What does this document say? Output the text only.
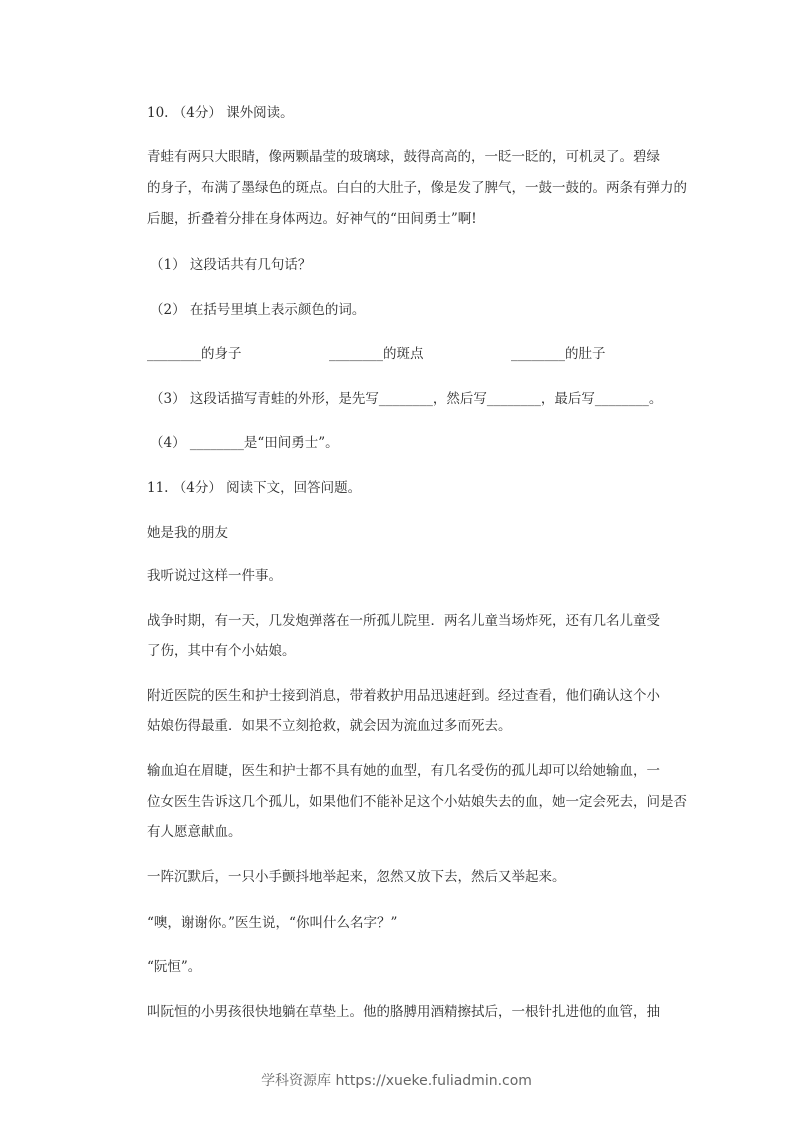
10. （4分） 课外阅读。
青蛙有两只大眼睛，像两颗晶莹的玻璃球，鼓得高高的，一眨一眨的，可机灵了。碧绿
的身子，布满了墨绿色的斑点。白白的大肚子，像是发了脾气，一鼓一鼓的。两条有弹力的
后腿，折叠着分排在身体两边。好神气的“田间勇士”啊!
（1） 这段话共有几句话？
（2） 在括号里填上表示颜色的词。
________的身子	________的斑点	________的肚子
（3） 这段话描写青蛙的外形，是先写________，然后写________，最后写________。
（4） ________是“田间勇士”。
11. （4分） 阅读下文，回答问题。
她是我的朋友
我听说过这样一件事。
战争时期，有一天，几发炮弹落在一所孤儿院里．两名儿童当场炸死，还有几名儿童受
了伤，其中有个小姑娘。
附近医院的医生和护士接到消息，带着救护用品迅速赶到。经过查看，他们确认这个小
姑娘伤得最重．如果不立刻抢救，就会因为流血过多而死去。
输血迫在眉睫，医生和护士都不具有她的血型，有几名受伤的孤儿却可以给她输血，一
位女医生告诉这几个孤儿，如果他们不能补足这个小姑娘失去的血，她一定会死去，问是否
有人愿意献血。
一阵沉默后，一只小手颤抖地举起来，忽然又放下去，然后又举起来。
“噢，谢谢你。”医生说，“你叫什么名字？”
“阮恒”。
叫阮恒的小男孩很快地躺在草垫上。他的胳膊用酒精擦拭后，一根针扎进他的血管，抽
学科资源库 https://xueke.fuliadmin.com
